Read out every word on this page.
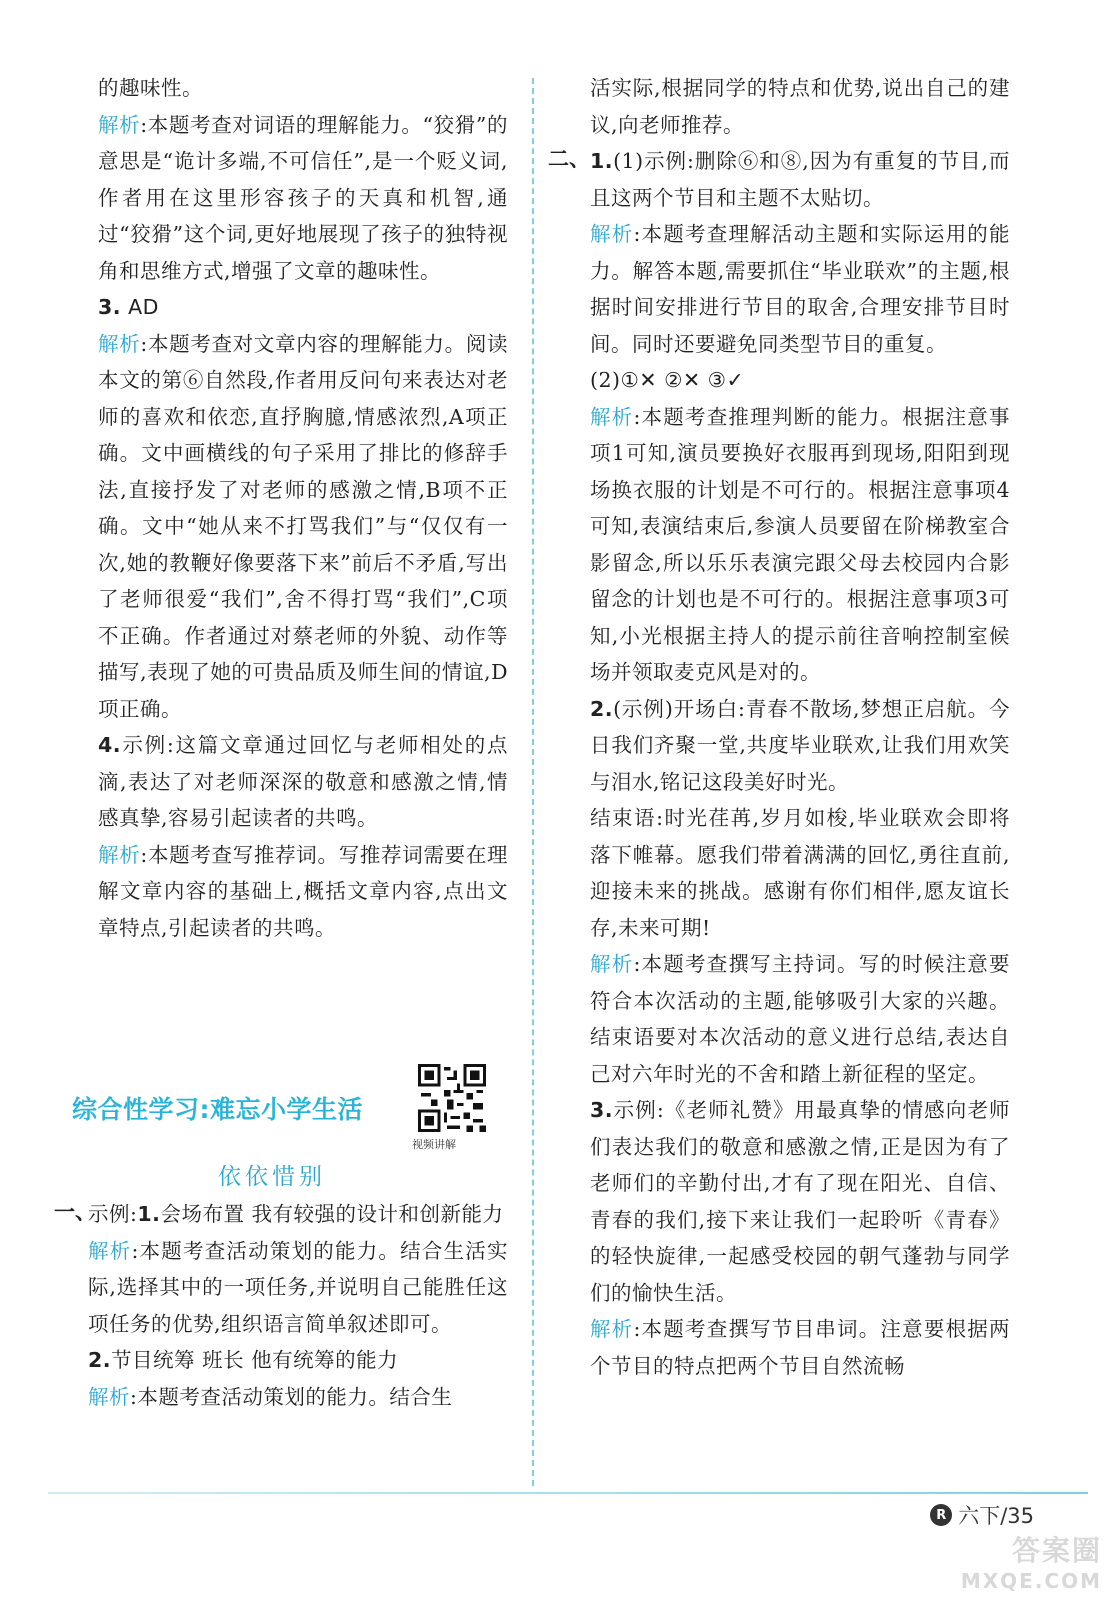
的趣味性。

解析:本题考查对词语的理解能力。“狡猾”的意思是“诡计多端,不可信任”,是一个贬义词,作者用在这里形容孩子的天真和机智,通过“狡猾”这个词,更好地展现了孩子的独特视角和思维方式,增强了文章的趣味性。

3. AD

解析:本题考查对文章内容的理解能力。阅读本文的第⑥自然段,作者用反问句来表达对老师的喜欢和依恋,直抒胸臆,情感浓烈,A项正确。文中画横线的句子采用了排比的修辞手法,直接抒发了对老师的感激之情,B项不正确。文中“她从来不打骂我们”与“仅仅有一次,她的教鞭好像要落下来”前后不矛盾,写出了老师很爱“我们”,舍不得打骂“我们”,C项不正确。作者通过对蔡老师的外貌、动作等描写,表现了她的可贵品质及师生间的情谊,D项正确。

4.示例:这篇文章通过回忆与老师相处的点滴,表达了对老师深深的敬意和感激之情,情感真挚,容易引起读者的共鸣。

解析:本题考查写推荐词。写推荐词需要在理解文章内容的基础上,概括文章内容,点出文章特点,引起读者的共鸣。

综合性学习:难忘小学生活
视频讲解
依依惜别
一、

示例:1.会场布置 我有较强的设计和创新能力

解析:本题考查活动策划的能力。结合生活实际,选择其中的一项任务,并说明自己能胜任这项任务的优势,组织语言简单叙述即可。

2.节目统筹 班长 他有统筹的能力

解析:本题考查活动策划的能力。结合生

活实际,根据同学的特点和优势,说出自己的建议,向老师推荐。

二、 1.(1)示例:删除⑥和⑧,因为有重复的节目,而且这两个节目和主题不太贴切。

解析:本题考查理解活动主题和实际运用的能力。解答本题,需要抓住“毕业联欢”的主题,根据时间安排进行节目的取舍,合理安排节目时间。同时还要避免同类型节目的重复。

(2)①✕ ②✕ ③✓

解析:本题考查推理判断的能力。根据注意事项1可知,演员要换好衣服再到现场,阳阳到现场换衣服的计划是不可行的。根据注意事项4可知,表演结束后,参演人员要留在阶梯教室合影留念,所以乐乐表演完跟父母去校园内合影留念的计划也是不可行的。根据注意事项3可知,小光根据主持人的提示前往音响控制室候场并领取麦克风是对的。

2.(示例)开场白:青春不散场,梦想正启航。今日我们齐聚一堂,共度毕业联欢,让我们用欢笑与泪水,铭记这段美好时光。

结束语:时光荏苒,岁月如梭,毕业联欢会即将落下帷幕。愿我们带着满满的回忆,勇往直前,迎接未来的挑战。感谢有你们相伴,愿友谊长存,未来可期!

解析:本题考查撰写主持词。写的时候注意要符合本次活动的主题,能够吸引大家的兴趣。结束语要对本次活动的意义进行总结,表达自己对六年时光的不舍和踏上新征程的坚定。

3.示例:《老师礼赞》用最真挚的情感向老师们表达我们的敬意和感激之情,正是因为有了老师们的辛勤付出,才有了现在阳光、自信、青春的我们,接下来让我们一起聆听《青春》的轻快旋律,一起感受校园的朝气蓬勃与同学们的愉快生活。

解析:本题考查撰写节目串词。注意要根据两个节目的特点把两个节目自然流畅

R 六下/35
答案圈
MXQE.COM
